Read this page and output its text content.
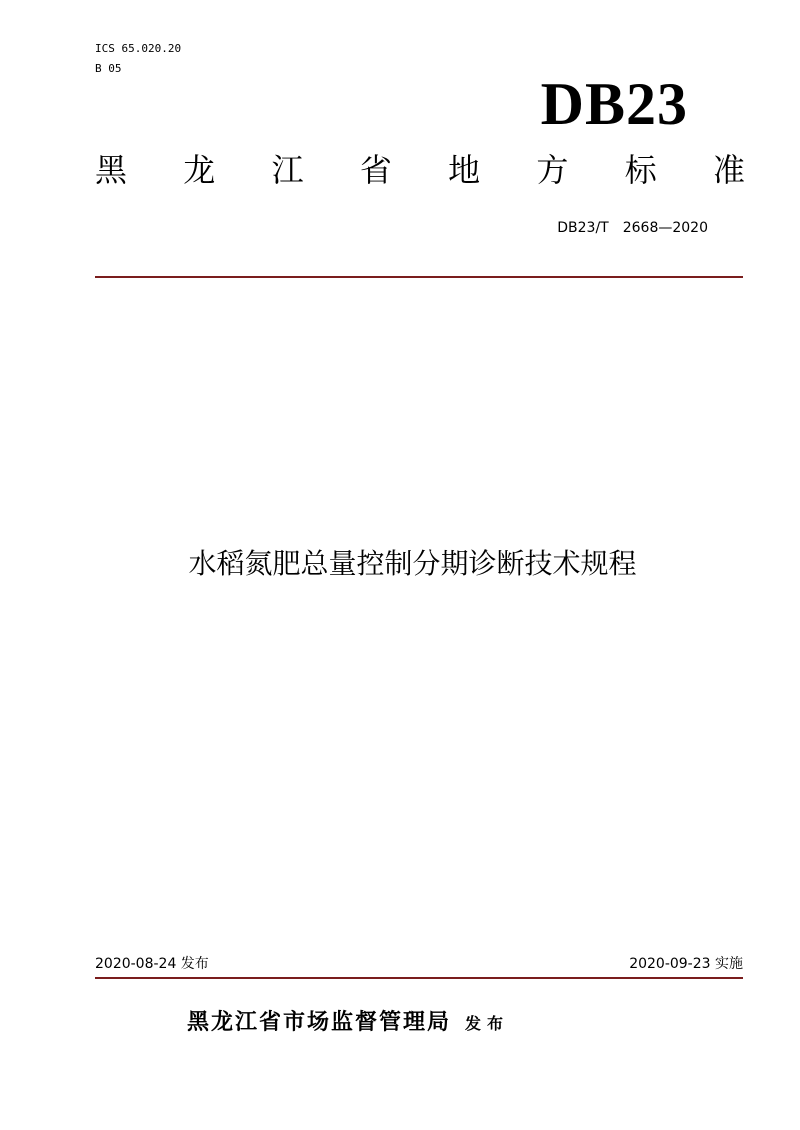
ICS 65.020.20
B 05
DB23
黑 龙 江 省 地 方 标 准
DB23/T　2668—2020
水稻氮肥总量控制分期诊断技术规程
2020-08-24 发布	2020-09-23 实施
黑龙江省市场监督管理局 发布
